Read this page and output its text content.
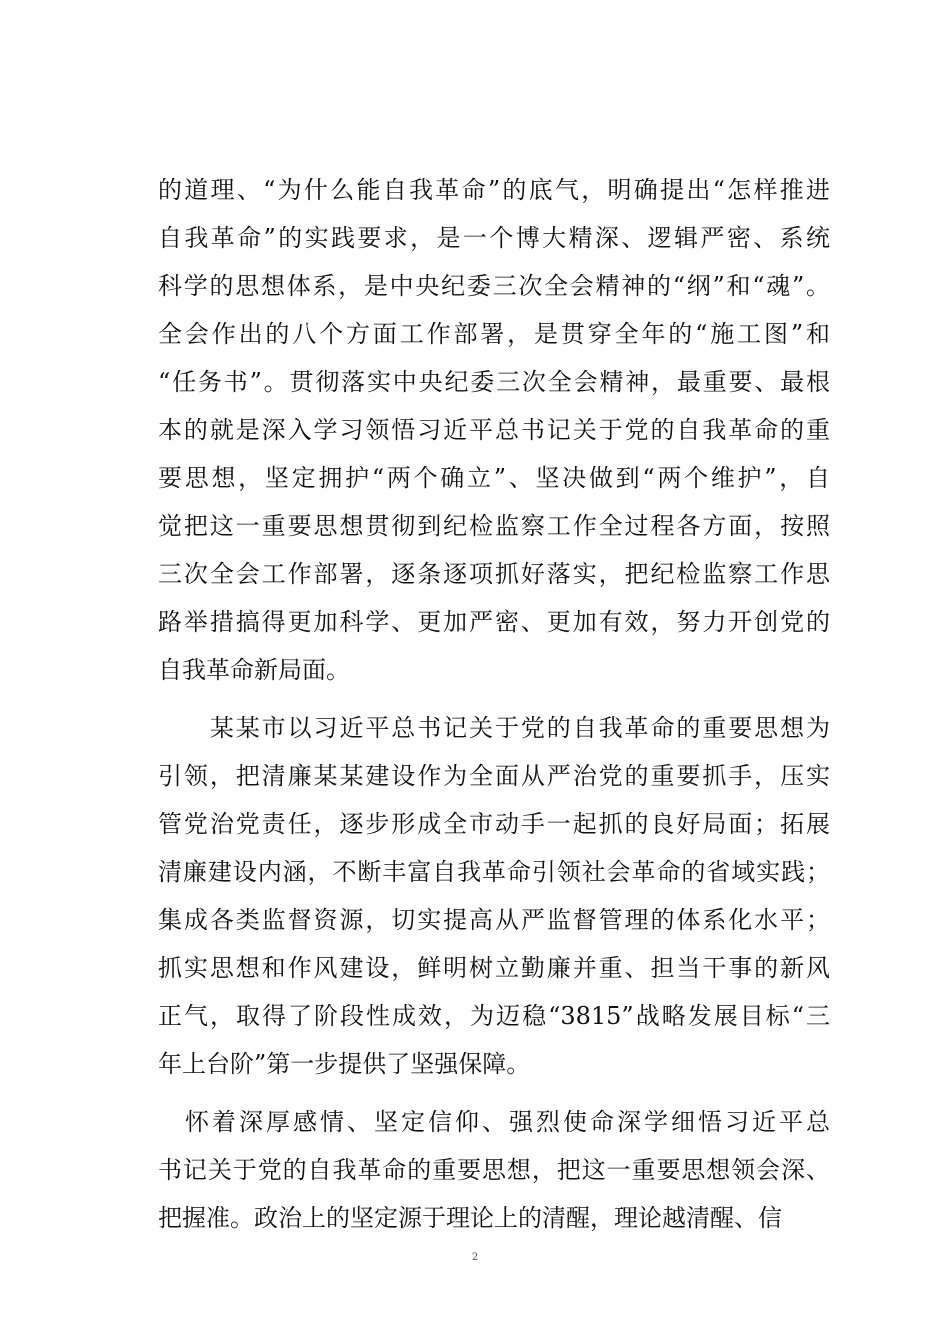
的道理、“为什么能自我革命”的底气，明确提出“怎样推进
自我革命”的实践要求，是一个博大精深、逻辑严密、系统
科学的思想体系，是中央纪委三次全会精神的“纲”和“魂”。
全会作出的八个方面工作部署，是贯穿全年的“施工图”和
“任务书”。贯彻落实中央纪委三次全会精神，最重要、最根
本的就是深入学习领悟习近平总书记关于党的自我革命的重
要思想，坚定拥护“两个确立”、坚决做到“两个维护”，自
觉把这一重要思想贯彻到纪检监察工作全过程各方面，按照
三次全会工作部署，逐条逐项抓好落实，把纪检监察工作思
路举措搞得更加科学、更加严密、更加有效，努力开创党的
自我革命新局面。
　　某某市以习近平总书记关于党的自我革命的重要思想为
引领，把清廉某某建设作为全面从严治党的重要抓手，压实
管党治党责任，逐步形成全市动手一起抓的良好局面；拓展
清廉建设内涵，不断丰富自我革命引领社会革命的省域实践；
集成各类监督资源，切实提高从严监督管理的体系化水平；
抓实思想和作风建设，鲜明树立勤廉并重、担当干事的新风
正气，取得了阶段性成效，为迈稳“3815”战略发展目标“三
年上台阶”第一步提供了坚强保障。
　怀着深厚感情、坚定信仰、强烈使命深学细悟习近平总
书记关于党的自我革命的重要思想，把这一重要思想领会深、
把握准。政治上的坚定源于理论上的清醒，理论越清醒、信
2
